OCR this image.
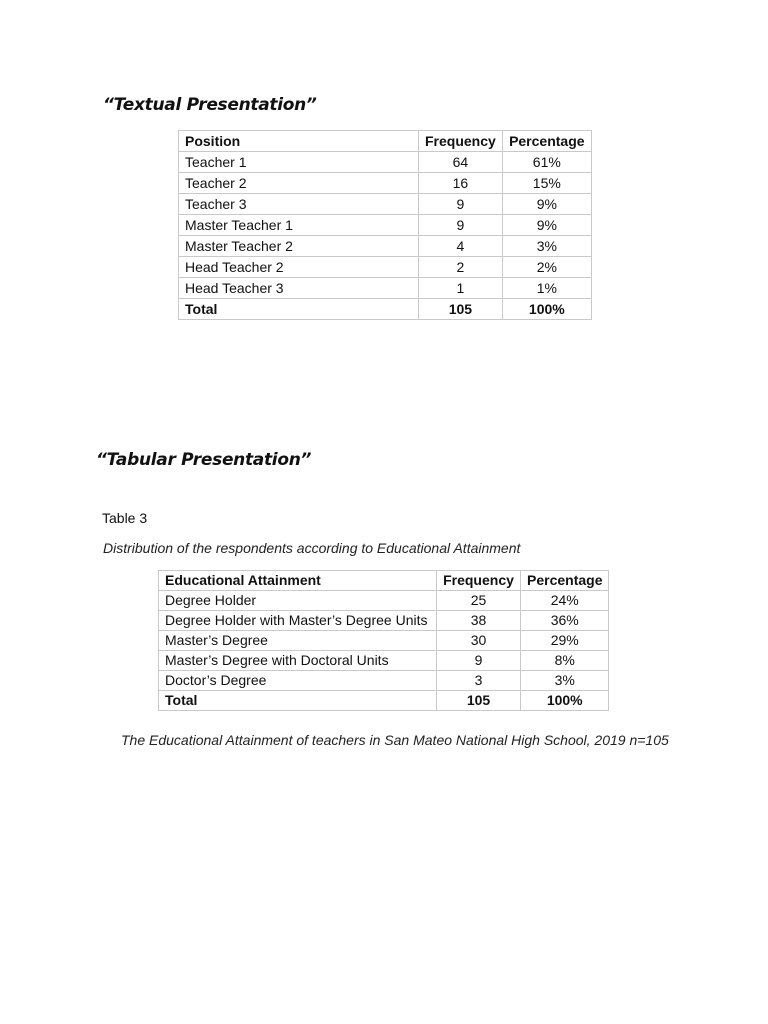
“Textual Presentation”
Position	Frequency	Percentage
Teacher 1	64	61%
Teacher 2	16	15%
Teacher 3	9	9%
Master Teacher 1	9	9%
Master Teacher 2	4	3%
Head Teacher 2	2	2%
Head Teacher 3	1	1%
Total	105	100%
“Tabular Presentation”

Table 3

Distribution of the respondents according to Educational Attainment

Educational Attainment	Frequency	Percentage
Degree Holder	25	24%
Degree Holder with Master’s Degree Units	38	36%
Master’s Degree	30	29%
Master’s Degree with Doctoral Units	9	8%
Doctor’s Degree	3	3%
Total	105	100%

The Educational Attainment of teachers in San Mateo National High School, 2019 n=105
